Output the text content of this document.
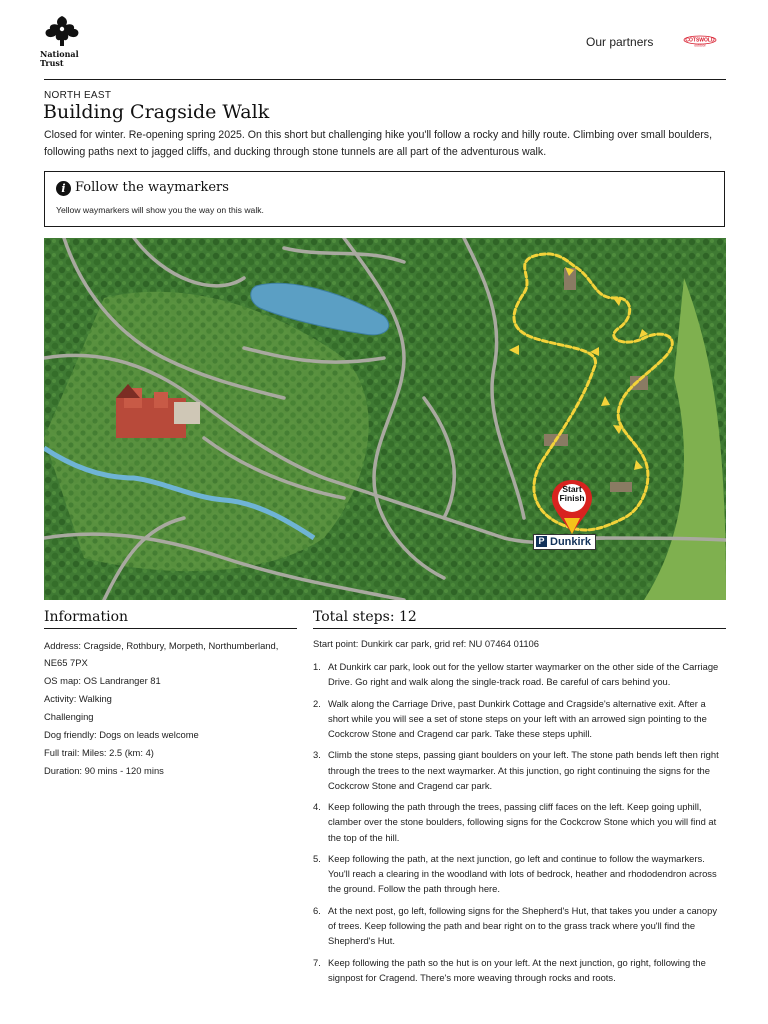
National
Trust
Our partners	COTSWOLD
outdoor
NORTH EAST
Building Cragside Walk
Closed for winter. Re-opening spring 2025. On this short but challenging hike you'll follow a rocky and hilly route. Climbing over small boulders, following paths next to jagged cliffs, and ducking through stone tunnels are all part of the adventurous walk.
i Follow the waymarkers
Yellow waymarkers will show you the way on this walk.
Start
Finish
P Dunkirk
Information
Address: Cragside, Rothbury, Morpeth, Northumberland, NE65 7PX
OS map: OS Landranger 81
Activity: Walking
Challenging
Dog friendly: Dogs on leads welcome
Full trail: Miles: 2.5 (km: 4)
Duration: 90 mins - 120 mins
Total steps: 12
Start point: Dunkirk car park, grid ref: NU 07464 01106
1. At Dunkirk car park, look out for the yellow starter waymarker on the other side of the Carriage Drive. Go right and walk along the single-track road. Be careful of cars behind you.
2. Walk along the Carriage Drive, past Dunkirk Cottage and Cragside's alternative exit. After a short while you will see a set of stone steps on your left with an arrowed sign pointing to the Cockcrow Stone and Cragend car park. Take these steps uphill.
3. Climb the stone steps, passing giant boulders on your left. The stone path bends left then right through the trees to the next waymarker. At this junction, go right continuing the signs for the Cockcrow Stone and Cragend car park.
4. Keep following the path through the trees, passing cliff faces on the left. Keep going uphill, clamber over the stone boulders, following signs for the Cockcrow Stone which you will find at the top of the hill.
5. Keep following the path, at the next junction, go left and continue to follow the waymarkers. You'll reach a clearing in the woodland with lots of bedrock, heather and rhododendron across the ground. Follow the path through here.
6. At the next post, go left, following signs for the Shepherd's Hut, that takes you under a canopy of trees. Keep following the path and bear right on to the grass track where you'll find the Shepherd's Hut.
7. Keep following the path so the hut is on your left. At the next junction, go right, following the signpost for Cragend. There's more weaving through rocks and roots.
